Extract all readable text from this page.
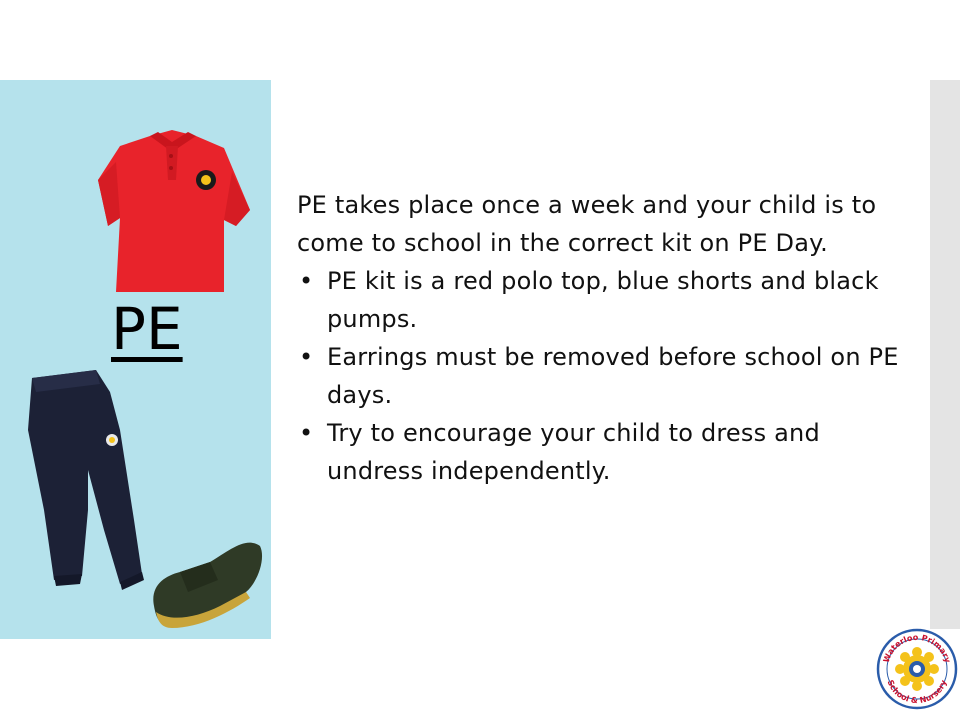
PE

PE takes place once a week and your child is to come to school in the correct kit on PE Day.

• PE kit is a red polo top, blue shorts and black pumps.
• Earrings must be removed before school on PE days.
• Try to encourage your child to dress and undress independently.
Waterloo Primary
School & Nursery
